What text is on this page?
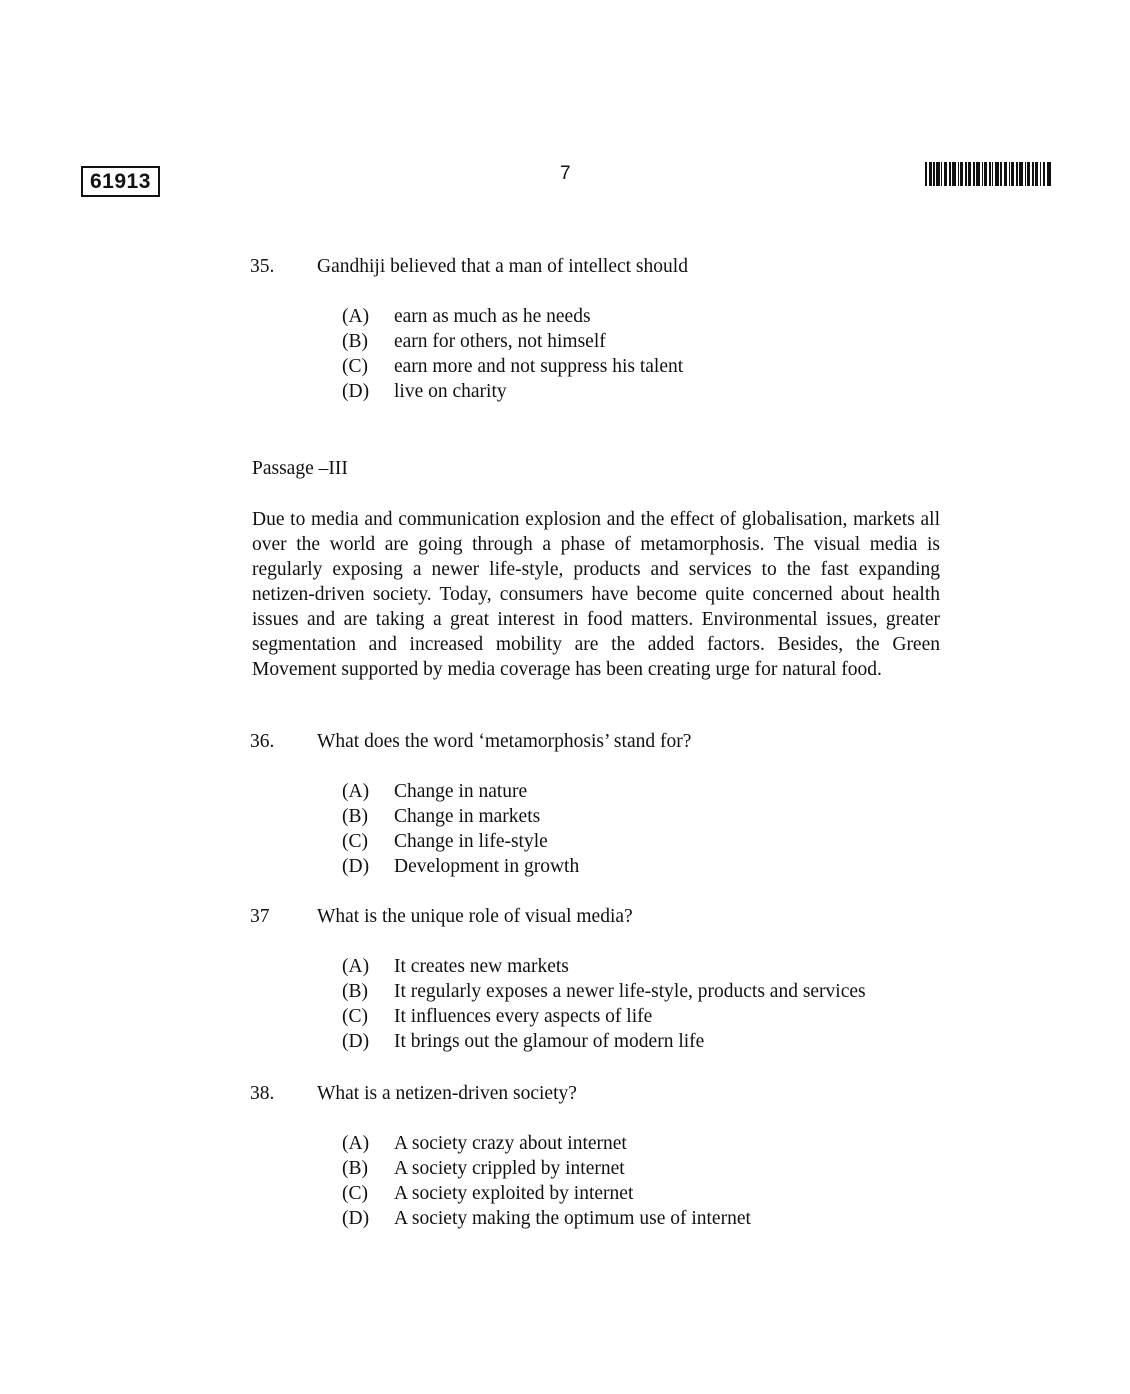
61913	7
35.	Gandhiji believed that a man of intellect should
(A) earn as much as he needs
(B) earn for others, not himself
(C) earn more and not suppress his talent
(D) live on charity
Passage –III

Due to media and communication explosion and the effect of globalisation, markets all over the world are going through a phase of metamorphosis. The visual media is regularly exposing a newer life-style, products and services to the fast expanding netizen-driven society. Today, consumers have become quite concerned about health issues and are taking a great interest in food matters. Environmental issues, greater segmentation and increased mobility are the added factors. Besides, the Green Movement supported by media coverage has been creating urge for natural food.

36.	What does the word ‘metamorphosis’ stand for?
(A) Change in nature
(B) Change in markets
(C) Change in life-style
(D) Development in growth
37	What is the unique role of visual media?
(A) It creates new markets
(B) It regularly exposes a newer life-style, products and services
(C) It influences every aspects of life
(D) It brings out the glamour of modern life
38.	What is a netizen-driven society?
(A) A society crazy about internet
(B) A society crippled by internet
(C) A society exploited by internet
(D) A society making the optimum use of internet
